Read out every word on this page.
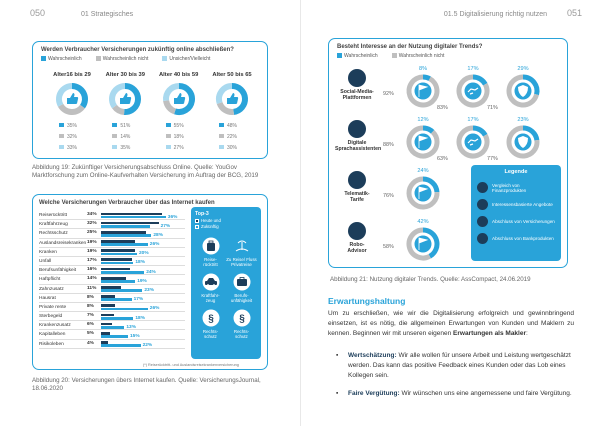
050	01 Strategisches	01.5 Digitalisierung richtig nutzen 051
Werden Verbraucher Versicherungen zukünftig online abschließen?
Wahrscheinlich	Wahrscheinlich nicht	Unsicher/Vielleicht
Alter16 bis 29
35%
32%
33%
Alter 30 bis 39
51%
14%
35%
Alter 40 bis 59
55%
18%
27%
Alter 50 bis 65
48%
22%
30%
Abbildung 19: Zukünftiger Versicherungsabschluss Online. Quelle: YouGov Marktforschung zum Online-Kaufverhalten Versicherung im Auftrag der BCG, 2019
Welche Versicherungen Verbraucher über das Internet kaufen
Reiserücktritt	34%	36%
Kraftfahrzeug	32%	27%
Rechtsschutz	25%	28%
Auslandsreisekranken 19%	26%
Kranken	19%	20%
Unfall	17%	18%
Berufsunfähigkeit 16%	24%
Haftpflicht	14%	19%
Zahnzusatz	11%	23%
Hausrat	8%	17%
Private rente	8%	26%
Sterbegeld	7%	18%
Krankenzusatz	6%	13%
Kapitalleben	5%	15%
Risikoleben	4%	22%
Top-3
Heute und
Zukünftig
Reise-
rücktritt
Zu Reise/ Fluss
Privatreise
Kraftfahr-
zeug
Berufs-
unfähigkeit
§
Rechts-
schutz
§
Rechts-
schutz
(*) Reiserücktritt- und Auslandsreisekrankenversicherung
Abbildung 20: Versicherungen übers Internet kaufen. Quelle: VersicherungsJournal, 18.06.2020
Besteht Interesse an der Nutzung digitaler Trends?
Wahrscheinlich	Wahrscheinlich nicht
Social-Media-
Plattformen
8%
92%
17%
83%
29%
71%
Digitale
Sprachassistenten
12%
88%
17%
63%
23%
77%
Telematik-
Tarife
24%
76%
Robo-
Advisor
42%
58%
Legende
Vergleich von Finanzprodukten
Interessensbasierte Angebote
Abschluss von Versicherungen
Abschluss von Bankprodukten
Abbildung 21: Nutzung digitaler Trends. Quelle: AssCompact, 24.06.2019
Erwartungshaltung
Um zu erschließen, wie wir die Digitalisierung erfolgreich und gewinnbringend einsetzen, ist es nötig, die allgemeinen Erwartungen von Kunden und Maklern zu kennen. Beginnen wir mit unseren eigenen Erwartungen als Makler:
▪ Wertschätzung: Wir alle wollen für unsere Arbeit und Leistung wertgeschätzt werden. Das kann das positive Feedback eines Kunden oder das Lob eines Kollegen sein.
▪ Faire Vergütung: Wir wünschen uns eine angemessene und faire Vergütung.
